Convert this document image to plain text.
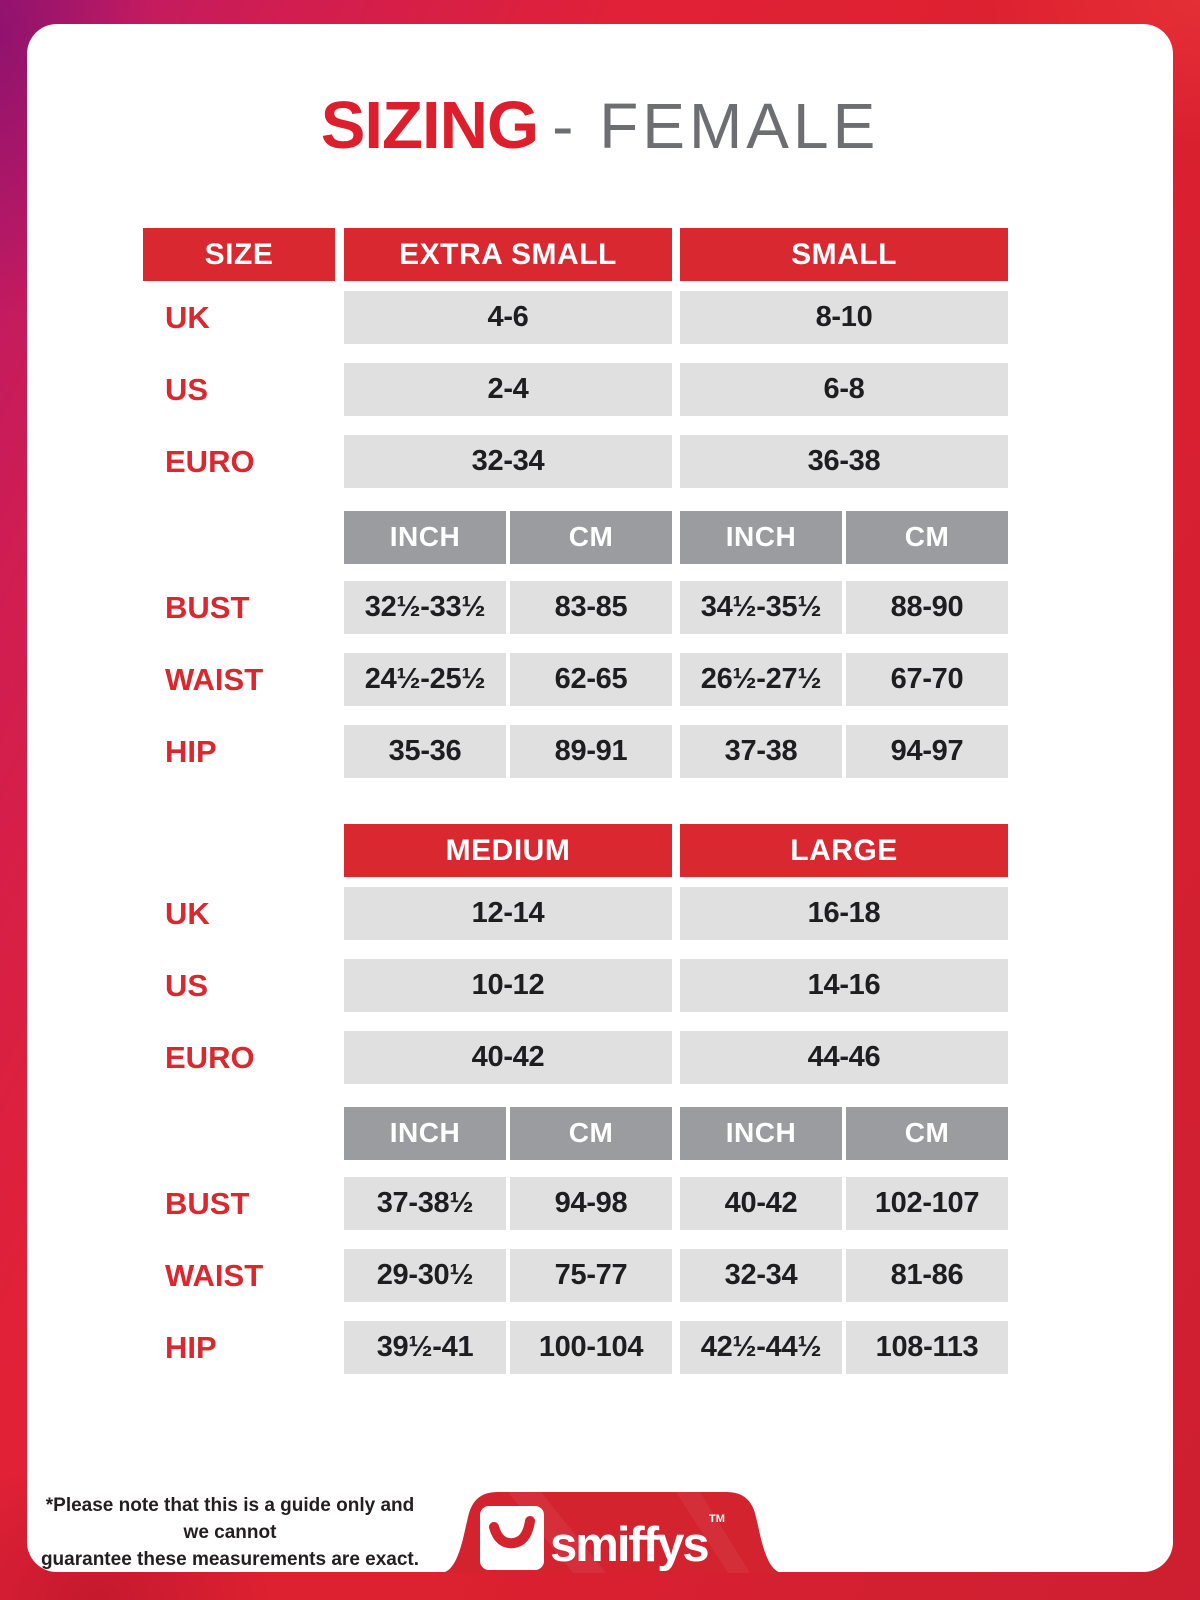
SIZING - FEMALE
SIZE	EXTRA SMALL	SMALL
UK	4-6	8-10
US	2-4	6-8
EURO	32-34	36-38
INCH	CM	INCH	CM
BUST	32½-33½	83-85	34½-35½	88-90
WAIST	24½-25½	62-65	26½-27½	67-70
HIP	35-36	89-91	37-38	94-97
MEDIUM	LARGE
UK	12-14	16-18
US	10-12	14-16
EURO	40-42	44-46
INCH	CM	INCH	CM
BUST	37-38½	94-98	40-42	102-107
WAIST	29-30½	75-77	32-34	81-86
HIP	39½-41	100-104	42½-44½	108-113
*Please note that this is a guide only and we cannot
guarantee these measurements are exact.	smiffys TM
